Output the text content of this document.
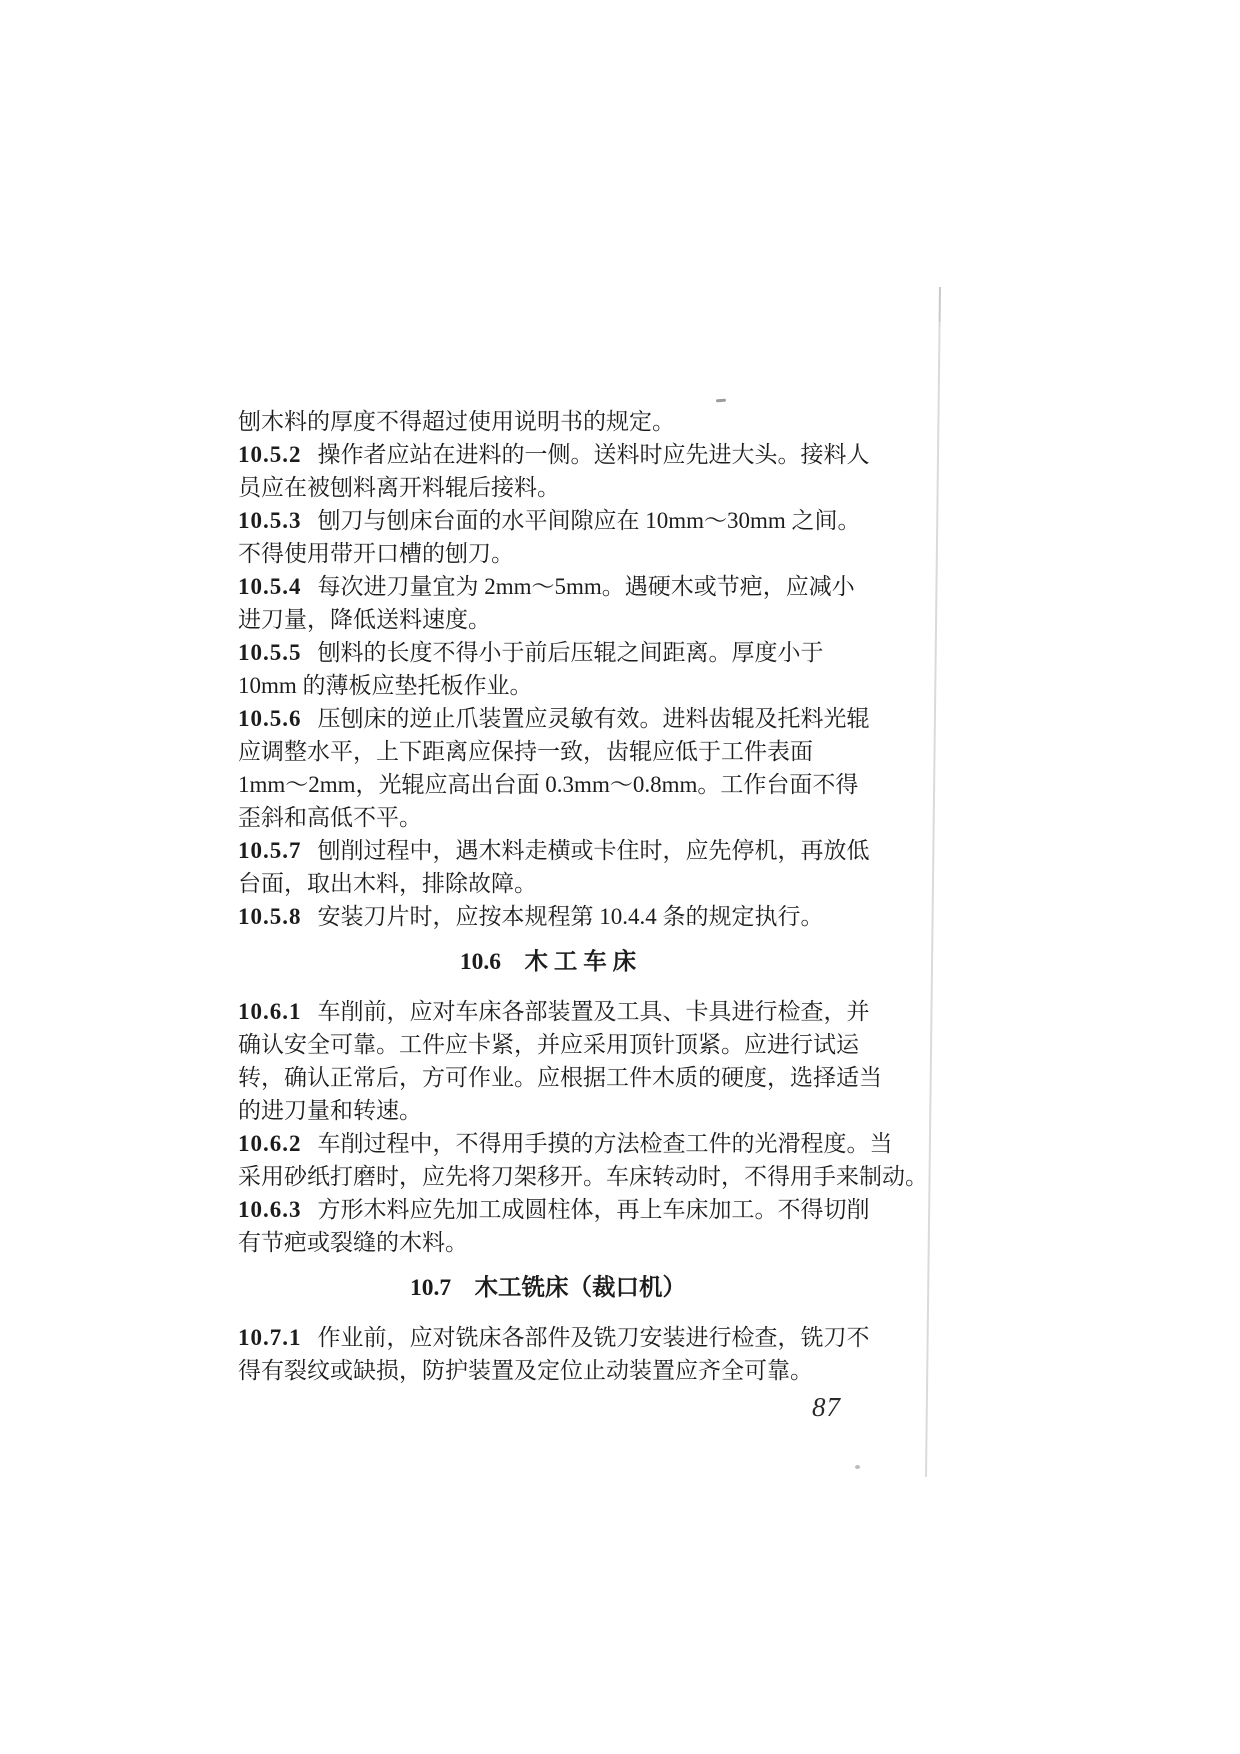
刨木料的厚度不得超过使用说明书的规定。
10.5.2 操作者应站在进料的一侧。送料时应先进大头。接料人
员应在被刨料离开料辊后接料。
10.5.3 刨刀与刨床台面的水平间隙应在 10mm～30mm 之间。
不得使用带开口槽的刨刀。
10.5.4 每次进刀量宜为 2mm～5mm。遇硬木或节疤，应减小
进刀量，降低送料速度。
10.5.5 刨料的长度不得小于前后压辊之间距离。厚度小于
10mm 的薄板应垫托板作业。
10.5.6 压刨床的逆止爪装置应灵敏有效。进料齿辊及托料光辊
应调整水平，上下距离应保持一致，齿辊应低于工件表面
1mm～2mm，光辊应高出台面 0.3mm～0.8mm。工作台面不得
歪斜和高低不平。
10.5.7 刨削过程中，遇木料走横或卡住时，应先停机，再放低
台面，取出木料，排除故障。
10.5.8 安装刀片时，应按本规程第 10.4.4 条的规定执行。
10.6　木 工 车 床
10.6.1 车削前，应对车床各部装置及工具、卡具进行检查，并
确认安全可靠。工件应卡紧，并应采用顶针顶紧。应进行试运
转，确认正常后，方可作业。应根据工件木质的硬度，选择适当
的进刀量和转速。
10.6.2 车削过程中，不得用手摸的方法检查工件的光滑程度。当
采用砂纸打磨时，应先将刀架移开。车床转动时，不得用手来制动。
10.6.3 方形木料应先加工成圆柱体，再上车床加工。不得切削
有节疤或裂缝的木料。
10.7　木工铣床（裁口机）
10.7.1 作业前，应对铣床各部件及铣刀安装进行检查，铣刀不
得有裂纹或缺损，防护装置及定位止动装置应齐全可靠。
87
